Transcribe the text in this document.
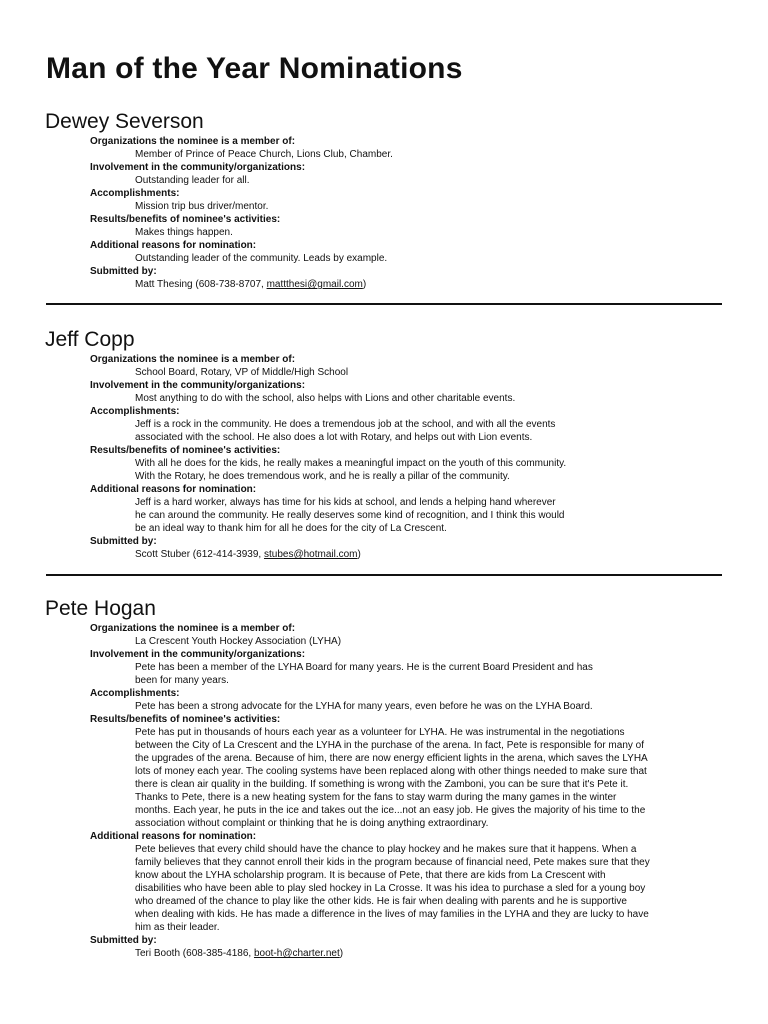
Man of the Year Nominations
Dewey Severson
Organizations the nominee is a member of:
Member of Prince of Peace Church, Lions Club, Chamber.
Involvement in the community/organizations:
Outstanding leader for all.
Accomplishments:
Mission trip bus driver/mentor.
Results/benefits of nominee's activities:
Makes things happen.
Additional reasons for nomination:
Outstanding leader of the community. Leads by example.
Submitted by:
Matt Thesing (608-738-8707, mattthesi@gmail.com)
Jeff Copp
Organizations the nominee is a member of:
School Board, Rotary, VP of Middle/High School
Involvement in the community/organizations:
Most anything to do with the school, also helps with Lions and other charitable events.
Accomplishments:
Jeff is a rock in the community. He does a tremendous job at the school, and with all the events
associated with the school. He also does a lot with Rotary, and helps out with Lion events.
Results/benefits of nominee's activities:
With all he does for the kids, he really makes a meaningful impact on the youth of this community.
With the Rotary, he does tremendous work, and he is really a pillar of the community.
Additional reasons for nomination:
Jeff is a hard worker, always has time for his kids at school, and lends a helping hand wherever
he can around the community. He really deserves some kind of recognition, and I think this would
be an ideal way to thank him for all he does for the city of La Crescent.
Submitted by:
Scott Stuber (612-414-3939, stubes@hotmail.com)
Pete Hogan
Organizations the nominee is a member of:
La Crescent Youth Hockey Association (LYHA)
Involvement in the community/organizations:
Pete has been a member of the LYHA Board for many years. He is the current Board President and has
been for many years.
Accomplishments:
Pete has been a strong advocate for the LYHA for many years, even before he was on the LYHA Board.
Results/benefits of nominee's activities:
Pete has put in thousands of hours each year as a volunteer for LYHA. He was instrumental in the negotiations
between the City of La Crescent and the LYHA in the purchase of the arena. In fact, Pete is responsible for many of
the upgrades of the arena. Because of him, there are now energy efficient lights in the arena, which saves the LYHA
lots of money each year. The cooling systems have been replaced along with other things needed to make sure that
there is clean air quality in the building. If something is wrong with the Zamboni, you can be sure that it's Pete it.
Thanks to Pete, there is a new heating system for the fans to stay warm during the many games in the winter
months. Each year, he puts in the ice and takes out the ice...not an easy job. He gives the majority of his time to the
association without complaint or thinking that he is doing anything extraordinary.
Additional reasons for nomination:
Pete believes that every child should have the chance to play hockey and he makes sure that it happens. When a
family believes that they cannot enroll their kids in the program because of financial need, Pete makes sure that they
know about the LYHA scholarship program. It is because of Pete, that there are kids from La Crescent with
disabilities who have been able to play sled hockey in La Crosse. It was his idea to purchase a sled for a young boy
who dreamed of the chance to play like the other kids. He is fair when dealing with parents and he is supportive
when dealing with kids. He has made a difference in the lives of may families in the LYHA and they are lucky to have
him as their leader.
Submitted by:
Teri Booth (608-385-4186, boot-h@charter.net)
